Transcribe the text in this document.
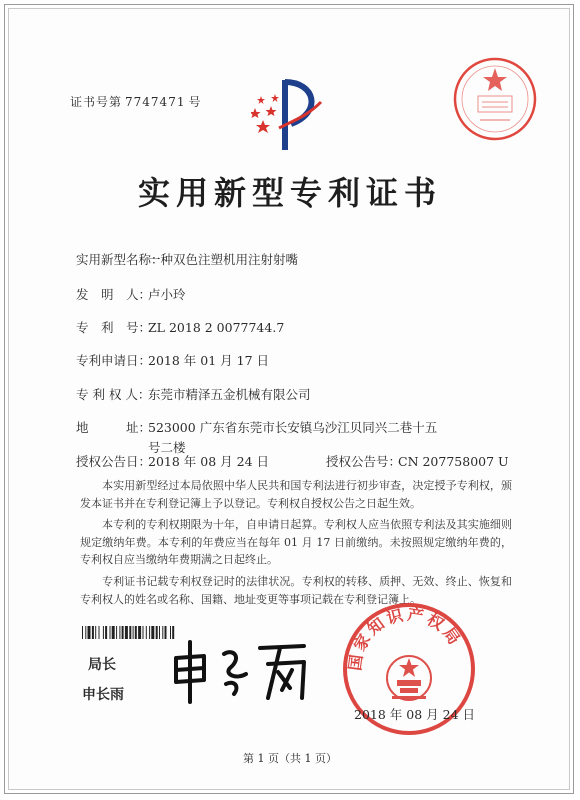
证书号第 7747471 号
实用新型专利证书
实用新型名称：一种双色注塑机用注射射嘴
发　明　人：卢小玲
专　利　号：ZL 2018 2 0077744.7
专利申请日：2018 年 01 月 17 日
专 利 权 人：东莞市精泽五金机械有限公司
地　　　址：
523000 广东省东莞市长安镇乌沙江贝同兴二巷十五号二楼
授权公告日：2018 年 08 月 24 日	授权公告号：CN 207758007 U
本实用新型经过本局依照中华人民共和国专利法进行初步审查，决定授予专利权，颁发本证书并在专利登记簿上予以登记。专利权自授权公告之日起生效。
本专利的专利权期限为十年，自申请日起算。专利权人应当依照专利法及其实施细则规定缴纳年费。本专利的年费应当在每年 01 月 17 日前缴纳。未按照规定缴纳年费的，专利权自应当缴纳年费期满之日起终止。
专利证书记载专利权登记时的法律状况。专利权的转移、质押、无效、终止、恢复和专利权人的姓名或名称、国籍、地址变更等事项记载在专利登记簿上。
局长
申长雨
国家知识产权局
2018 年 08 月 24 日
第 1 页（共 1 页）
